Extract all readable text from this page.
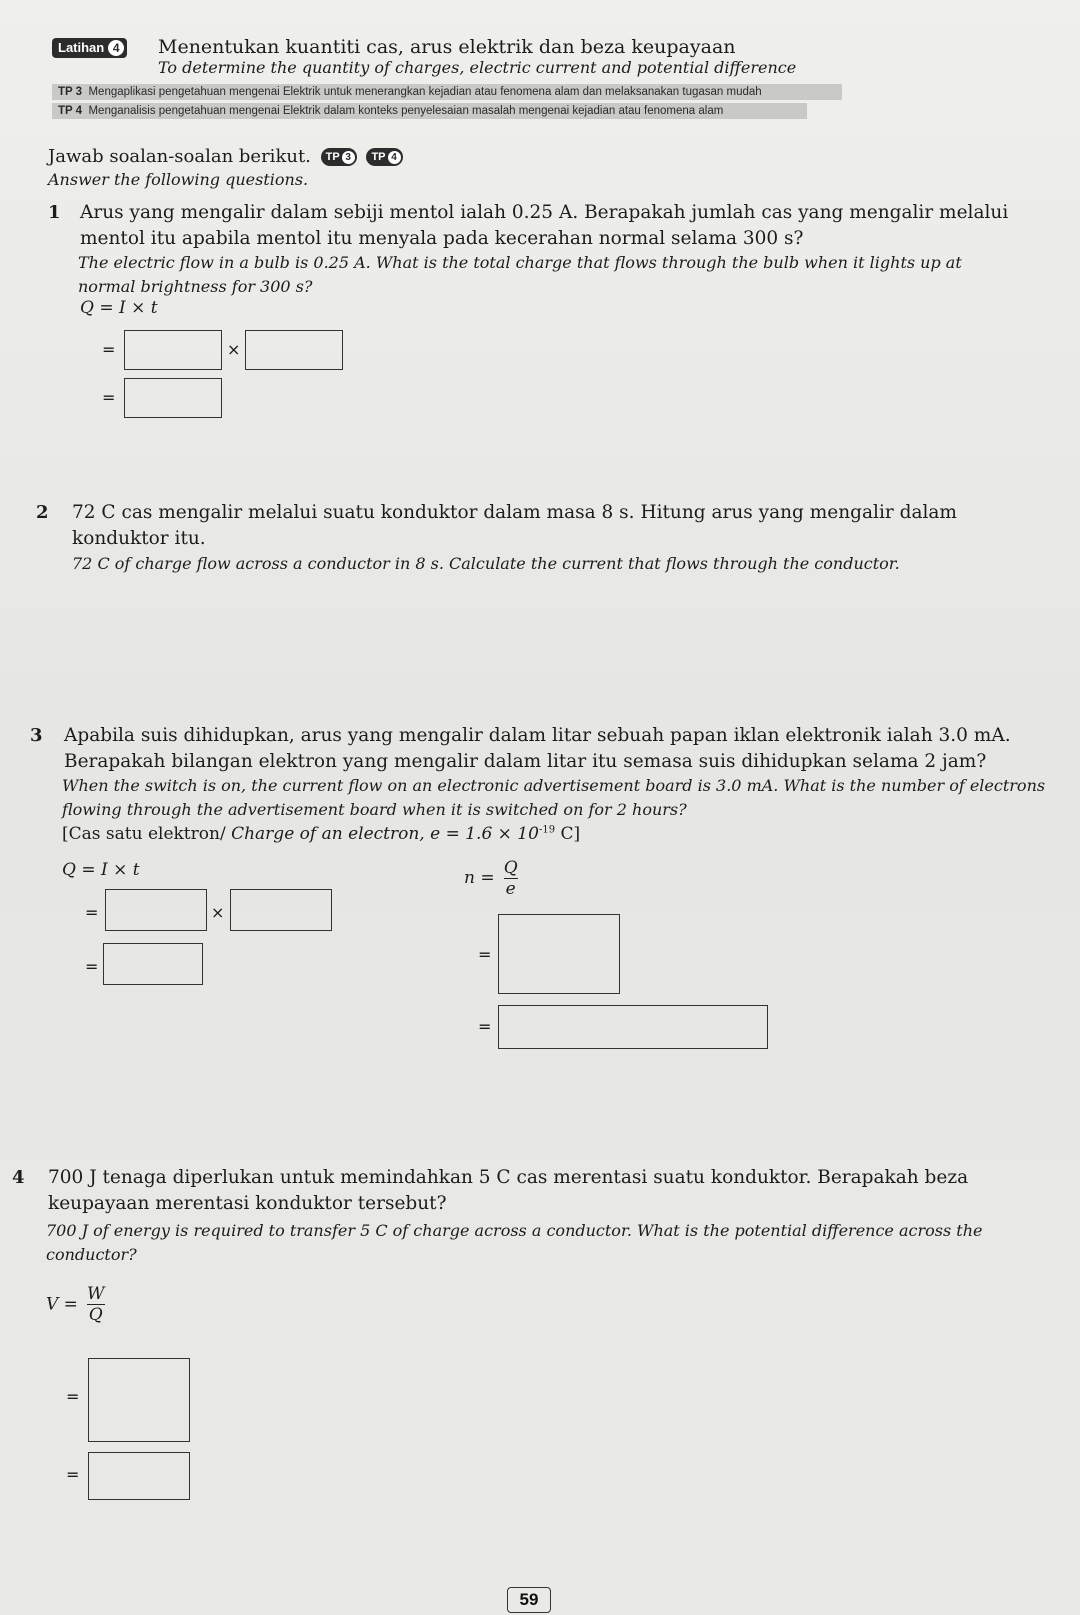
Latihan 4 Menentukan kuantiti cas, arus elektrik dan beza keupayaan
To determine the quantity of charges, electric current and potential difference
TP 3 Mengaplikasi pengetahuan mengenai Elektrik untuk menerangkan kejadian atau fenomena alam dan melaksanakan tugasan mudah
TP 4 Menganalisis pengetahuan mengenai Elektrik dalam konteks penyelesaian masalah mengenai kejadian atau fenomena alam
Jawab soalan-soalan berikut. TP 3
	TP 4
Answer the following questions.
1 Arus yang mengalir dalam sebiji mentol ialah 0.25 A. Berapakah jumlah cas yang mengalir melalui mentol itu apabila mentol itu menyala pada kecerahan normal selama 300 s?
The electric flow in a bulb is 0.25 A. What is the total charge that flows through the bulb when it lights up at normal brightness for 300 s?
Q = I × t
=	×
=
2 72 C cas mengalir melalui suatu konduktor dalam masa 8 s. Hitung arus yang mengalir dalam konduktor itu.
72 C of charge flow across a conductor in 8 s. Calculate the current that flows through the conductor.
3 Apabila suis dihidupkan, arus yang mengalir dalam litar sebuah papan iklan elektronik ialah 3.0 mA. Berapakah bilangan elektron yang mengalir dalam litar itu semasa suis dihidupkan selama 2 jam?
When the switch is on, the current flow on an electronic advertisement board is 3.0 mA. What is the number of electrons flowing through the advertisement board when it is switched on for 2 hours?
[Cas satu elektron/ Charge of an electron, $e = 1.6 \times 10^{-19}$ C]
Q = I × t
=	×
=
$n = \frac{Q}{e}$
=
=
4 700 J tenaga diperlukan untuk memindahkan 5 C cas merentasi suatu konduktor. Berapakah beza keupayaan merentasi konduktor tersebut?
700 J of energy is required to transfer 5 C of charge across a conductor. What is the potential difference across the conductor?
$V = \frac{W}{Q}$
=
=
59
